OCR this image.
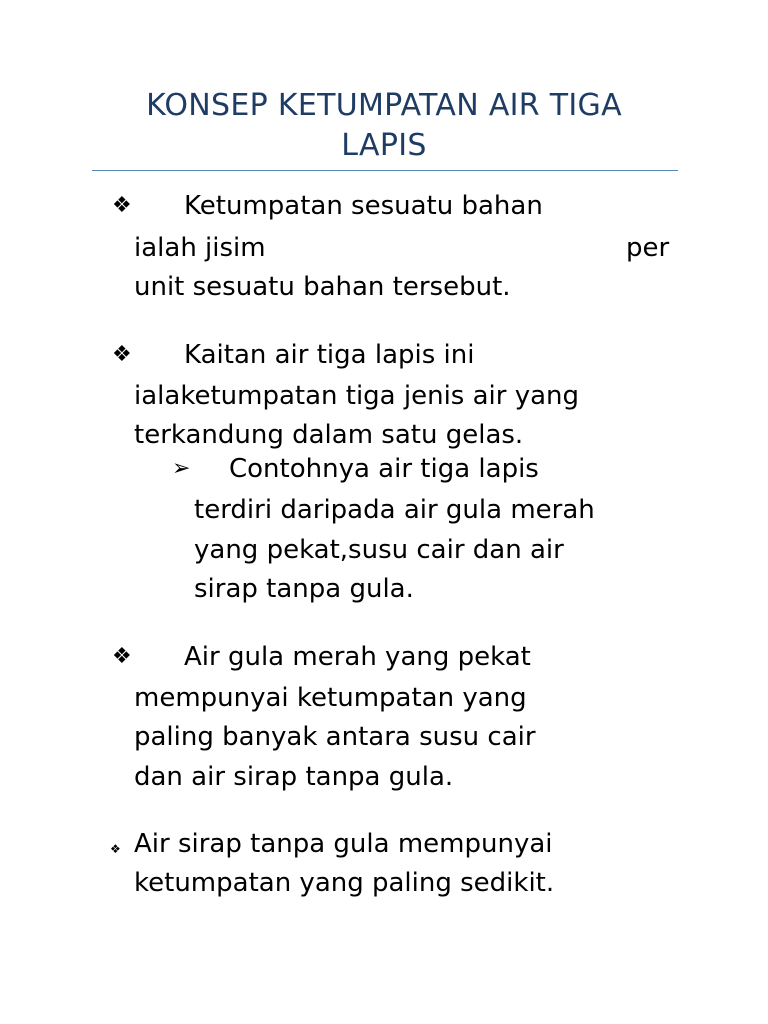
KONSEP KETUMPATAN AIR TIGA
LAPIS
❖ Ketumpatan sesuatu bahan
ialah jisim	per
unit sesuatu bahan tersebut.
❖ Kaitan air tiga lapis ini
ialaketumpatan tiga jenis air yang
terkandung dalam satu gelas.
➢ Contohnya air tiga lapis
terdiri daripada air gula merah
yang pekat,susu cair dan air
sirap tanpa gula.
❖ Air gula merah yang pekat
mempunyai ketumpatan yang
paling banyak antara susu cair
dan air sirap tanpa gula.
❖ Air sirap tanpa gula mempunyai
ketumpatan yang paling sedikit.
